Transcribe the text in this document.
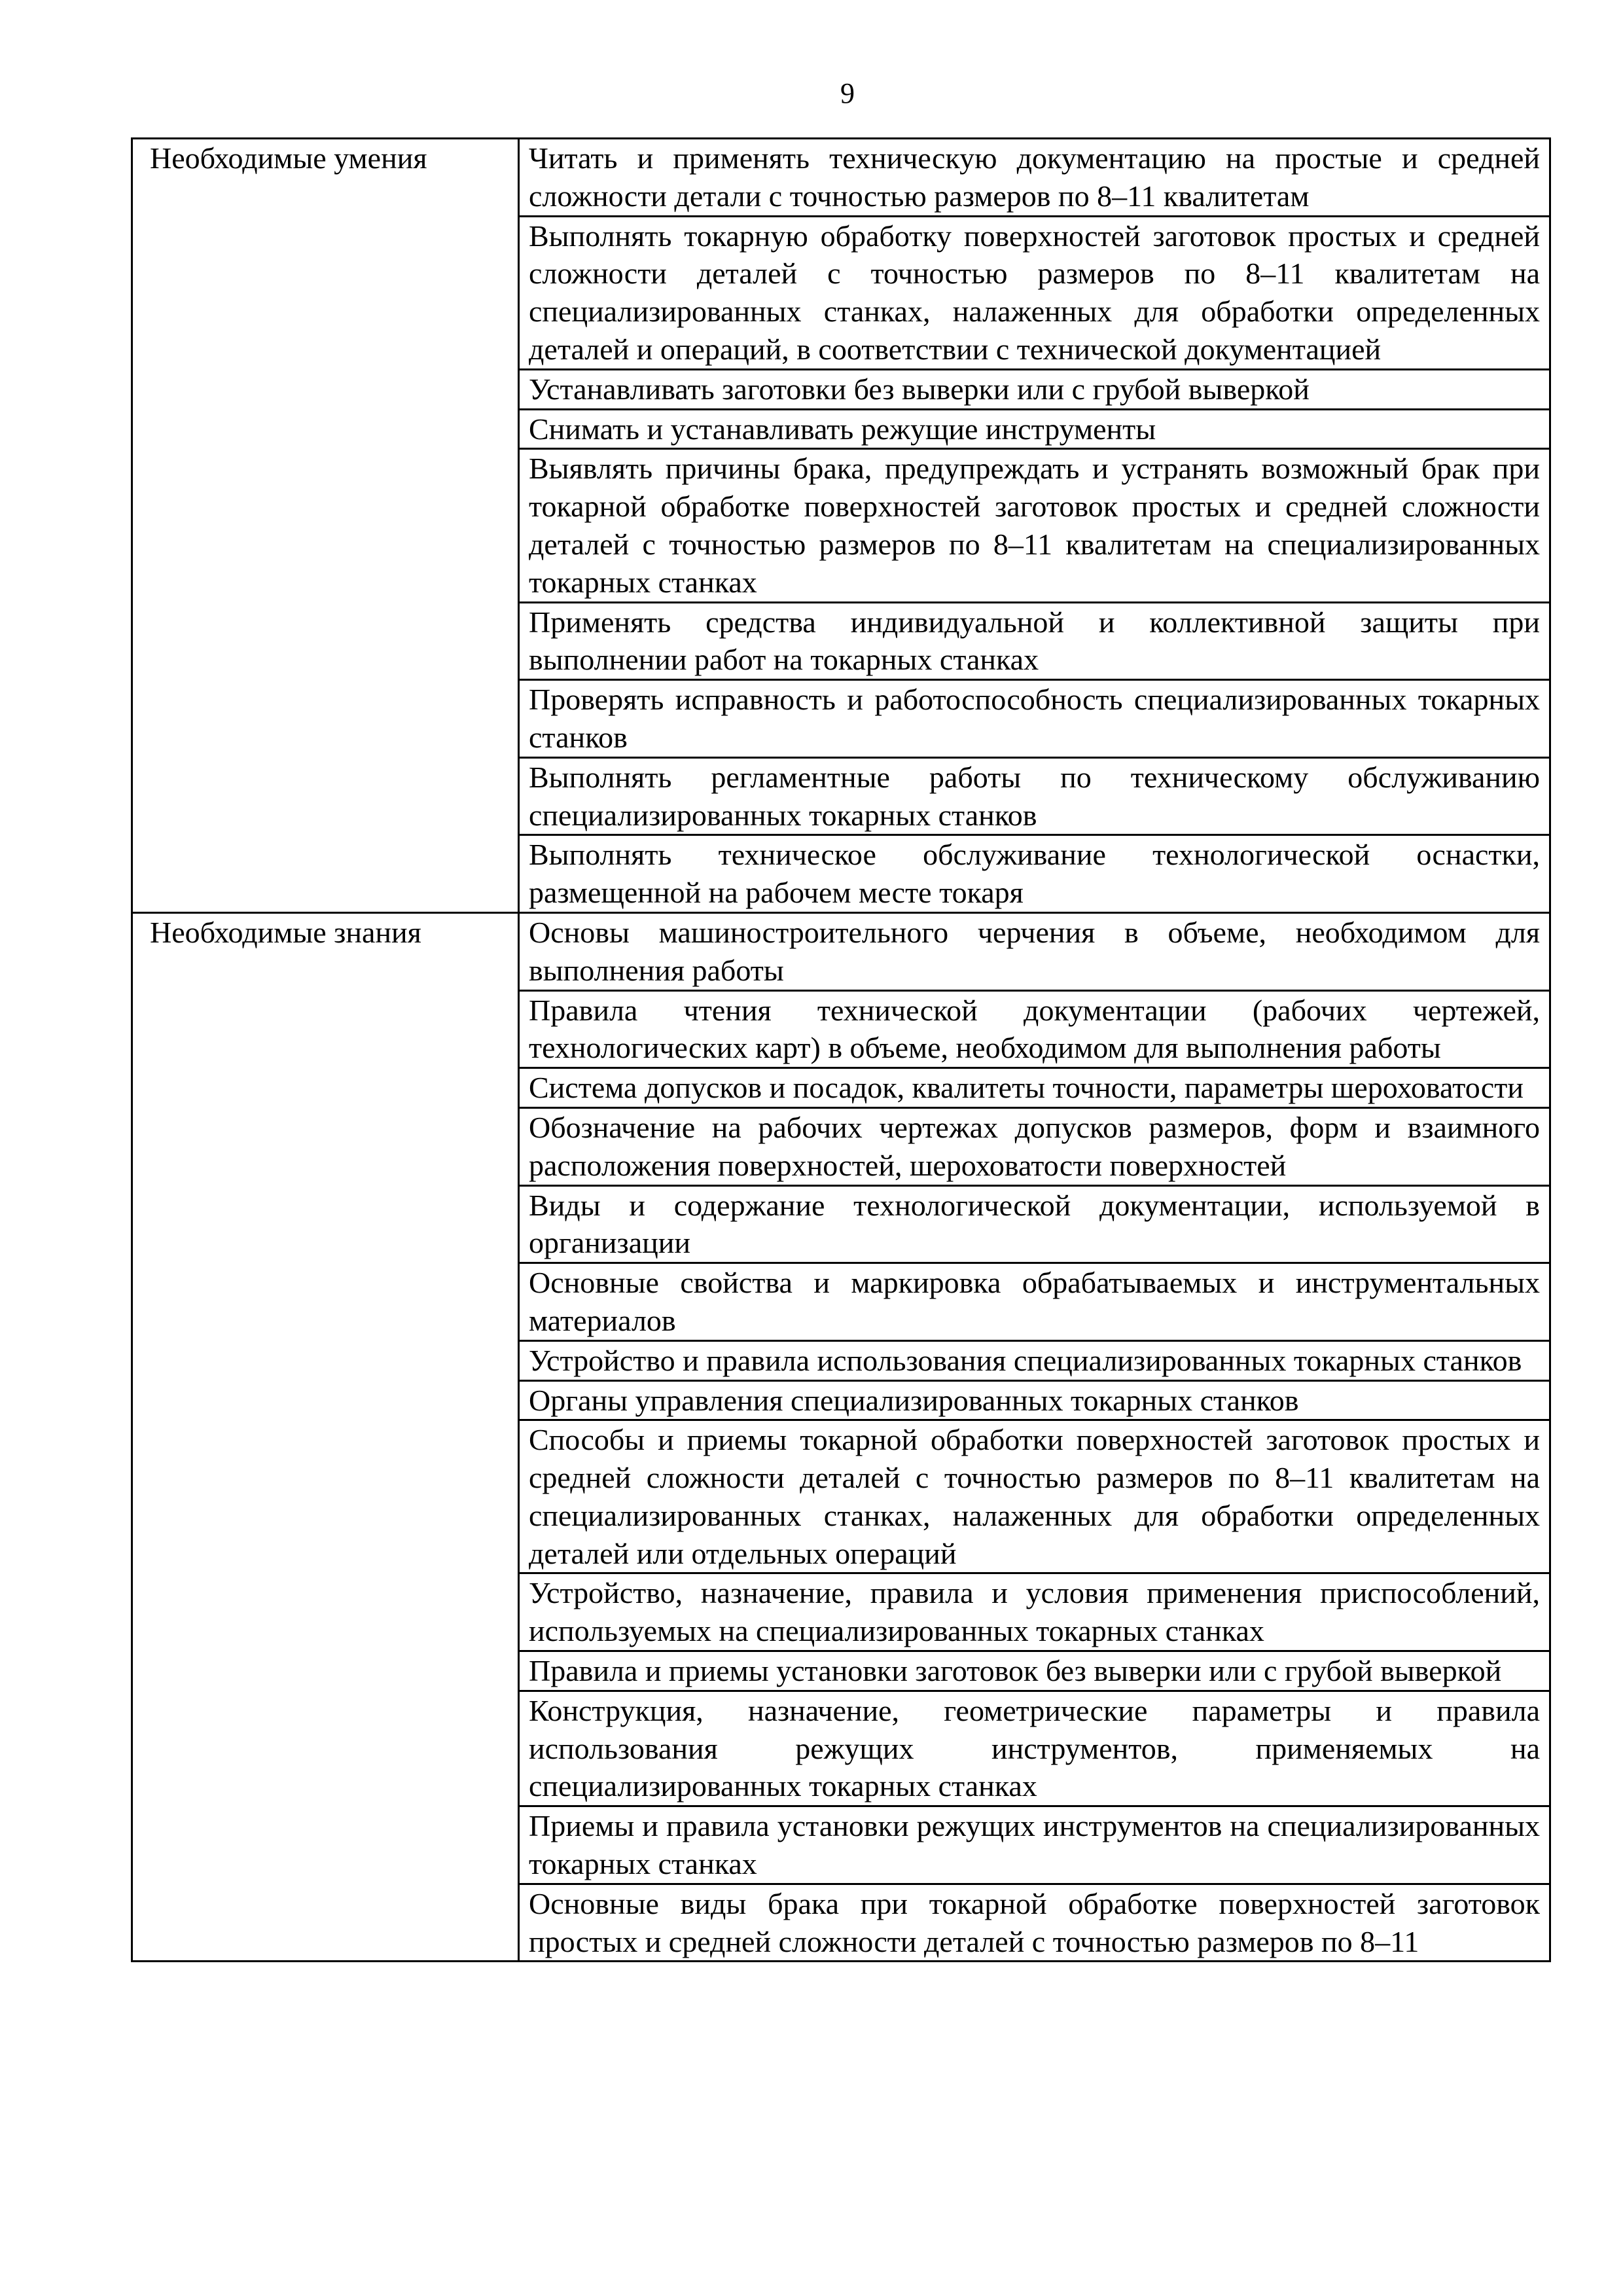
9
Необходимые умения	Читать и применять техническую документацию на простые и средней сложности детали с точностью размеров по 8–11 квалитетам
	Выполнять токарную обработку поверхностей заготовок простых и средней сложности деталей с точностью размеров по 8–11 квалитетам на специализированных станках, налаженных для обработки определенных деталей и операций, в соответствии с технической документацией
	Устанавливать заготовки без выверки или с грубой выверкой
	Снимать и устанавливать режущие инструменты
	Выявлять причины брака, предупреждать и устранять возможный брак при токарной обработке поверхностей заготовок простых и средней сложности деталей с точностью размеров по 8–11 квалитетам на специализированных токарных станках
	Применять средства индивидуальной и коллективной защиты при выполнении работ на токарных станках
	Проверять исправность и работоспособность специализированных токарных станков
	Выполнять регламентные работы по техническому обслуживанию специализированных токарных станков
	Выполнять техническое обслуживание технологической оснастки, размещенной на рабочем месте токаря
Необходимые знания	Основы машиностроительного черчения в объеме, необходимом для выполнения работы
	Правила чтения технической документации (рабочих чертежей, технологических карт) в объеме, необходимом для выполнения работы
	Система допусков и посадок, квалитеты точности, параметры шероховатости
	Обозначение на рабочих чертежах допусков размеров, форм и взаимного расположения поверхностей, шероховатости поверхностей
	Виды и содержание технологической документации, используемой в организации
	Основные свойства и маркировка обрабатываемых и инструментальных материалов
	Устройство и правила использования специализированных токарных станков
	Органы управления специализированных токарных станков
	Способы и приемы токарной обработки поверхностей заготовок простых и средней сложности деталей с точностью размеров по 8–11 квалитетам на специализированных станках, налаженных для обработки определенных деталей или отдельных операций
	Устройство, назначение, правила и условия применения приспособлений, используемых на специализированных токарных станках
	Правила и приемы установки заготовок без выверки или с грубой выверкой
	Конструкция, назначение, геометрические параметры и правила использования режущих инструментов, применяемых на специализированных токарных станках
	Приемы и правила установки режущих инструментов на специализированных токарных станках
	Основные виды брака при токарной обработке поверхностей заготовок простых и средней сложности деталей с точностью размеров по 8–11
